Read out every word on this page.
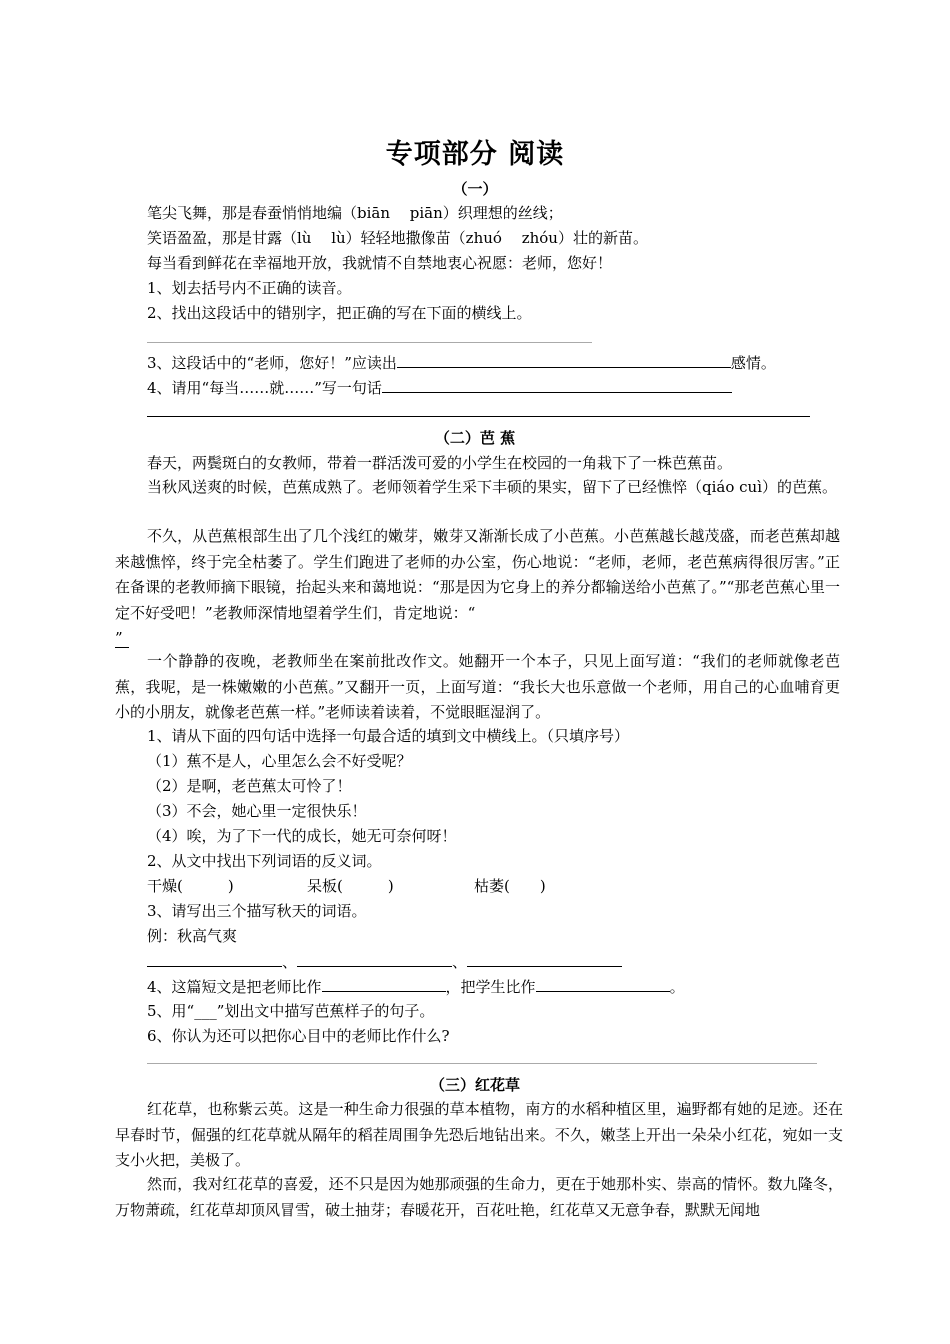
专项部分 阅读
（一）
笔尖飞舞，那是春蚕悄悄地编（biān　 piān）织理想的丝线；
笑语盈盈，那是甘露（lù　 lù）轻轻地撒像苗（zhuó　 zhóu）壮的新苗。
每当看到鲜花在幸福地开放，我就情不自禁地衷心祝愿：老师，您好！
1、划去括号内不正确的读音。
2、找出这段话中的错别字，把正确的写在下面的横线上。
3、这段话中的“老师，您好！”应读出	感情。
4、请用“每当……就……”写一句话
（二）芭 蕉
春天，两鬓斑白的女教师，带着一群活泼可爱的小学生在校园的一角栽下了一株芭蕉苗。
当秋风送爽的时候，芭蕉成熟了。老师领着学生采下丰硕的果实，留下了已经憔悴（qiáo cuì）的芭蕉。
不久，从芭蕉根部生出了几个浅红的嫩芽，嫩芽又渐渐长成了小芭蕉。小芭蕉越长越茂盛，而老芭蕉却越来越憔悴，终于完全枯萎了。学生们跑进了老师的办公室，伤心地说：“老师，老师，老芭蕉病得很厉害。”正在备课的老教师摘下眼镜，抬起头来和蔼地说：“那是因为它身上的养分都输送给小芭蕉了。”“那老芭蕉心里一定不好受吧！”老教师深情地望着学生们，肯定地说：“
”
一个静静的夜晚，老教师坐在案前批改作文。她翻开一个本子，只见上面写道：“我们的老师就像老芭蕉，我呢，是一株嫩嫩的小芭蕉。”又翻开一页，上面写道：“我长大也乐意做一个老师，用自己的心血哺育更小的小朋友，就像老芭蕉一样。”老师读着读着，不觉眼眶湿润了。
1、请从下面的四句话中选择一句最合适的填到文中横线上。（只填序号）
（1）蕉不是人，心里怎么会不好受呢？
（2）是啊，老芭蕉太可怜了！
（3）不会，她心里一定很快乐！
（4）唉，为了下一代的成长，她无可奈何呀！
2、从文中找出下列词语的反义词。
干燥(　　　)	呆板(　　　)	枯萎(　　)
3、请写出三个描写秋天的词语。
例：秋高气爽
、	、
4、这篇短文是把老师比作	，把学生比作	。
5、用“___”划出文中描写芭蕉样子的句子。
6、你认为还可以把你心目中的老师比作什么?
（三）红花草
红花草，也称紫云英。这是一种生命力很强的草本植物，南方的水稻种植区里，遍野都有她的足迹。还在早春时节，倔强的红花草就从隔年的稻茬周围争先恐后地钻出来。不久，嫩茎上开出一朵朵小红花，宛如一支支小火把，美极了。
然而，我对红花草的喜爱，还不只是因为她那顽强的生命力，更在于她那朴实、崇高的情怀。数九隆冬，万物萧疏，红花草却顶风冒雪，破土抽芽；春暖花开，百花吐艳，红花草又无意争春，默默无闻地
